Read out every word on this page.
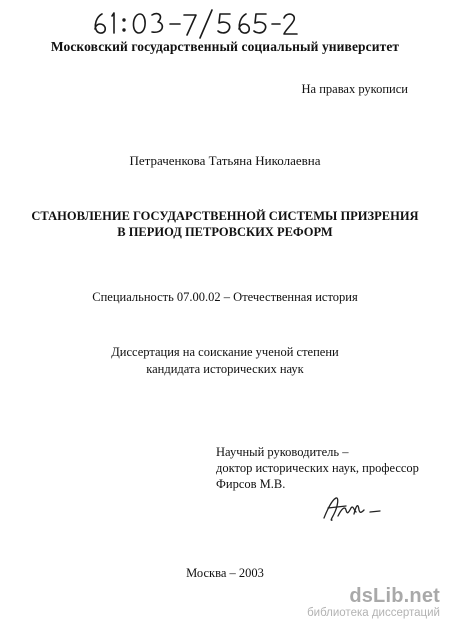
Московский государственный социальный университет
На правах рукописи
Петраченкова Татьяна Николаевна
СТАНОВЛЕНИЕ ГОСУДАРСТВЕННОЙ СИСТЕМЫ ПРИЗРЕНИЯ
В ПЕРИОД ПЕТРОВСКИХ РЕФОРМ
Специальность 07.00.02 – Отечественная история
Диссертация на соискание ученой степени
кандидата исторических наук
Научный руководитель –
доктор исторических наук, профессор
Фирсов М.В.
Москва – 2003
dsLib.net
библиотека диссертаций
